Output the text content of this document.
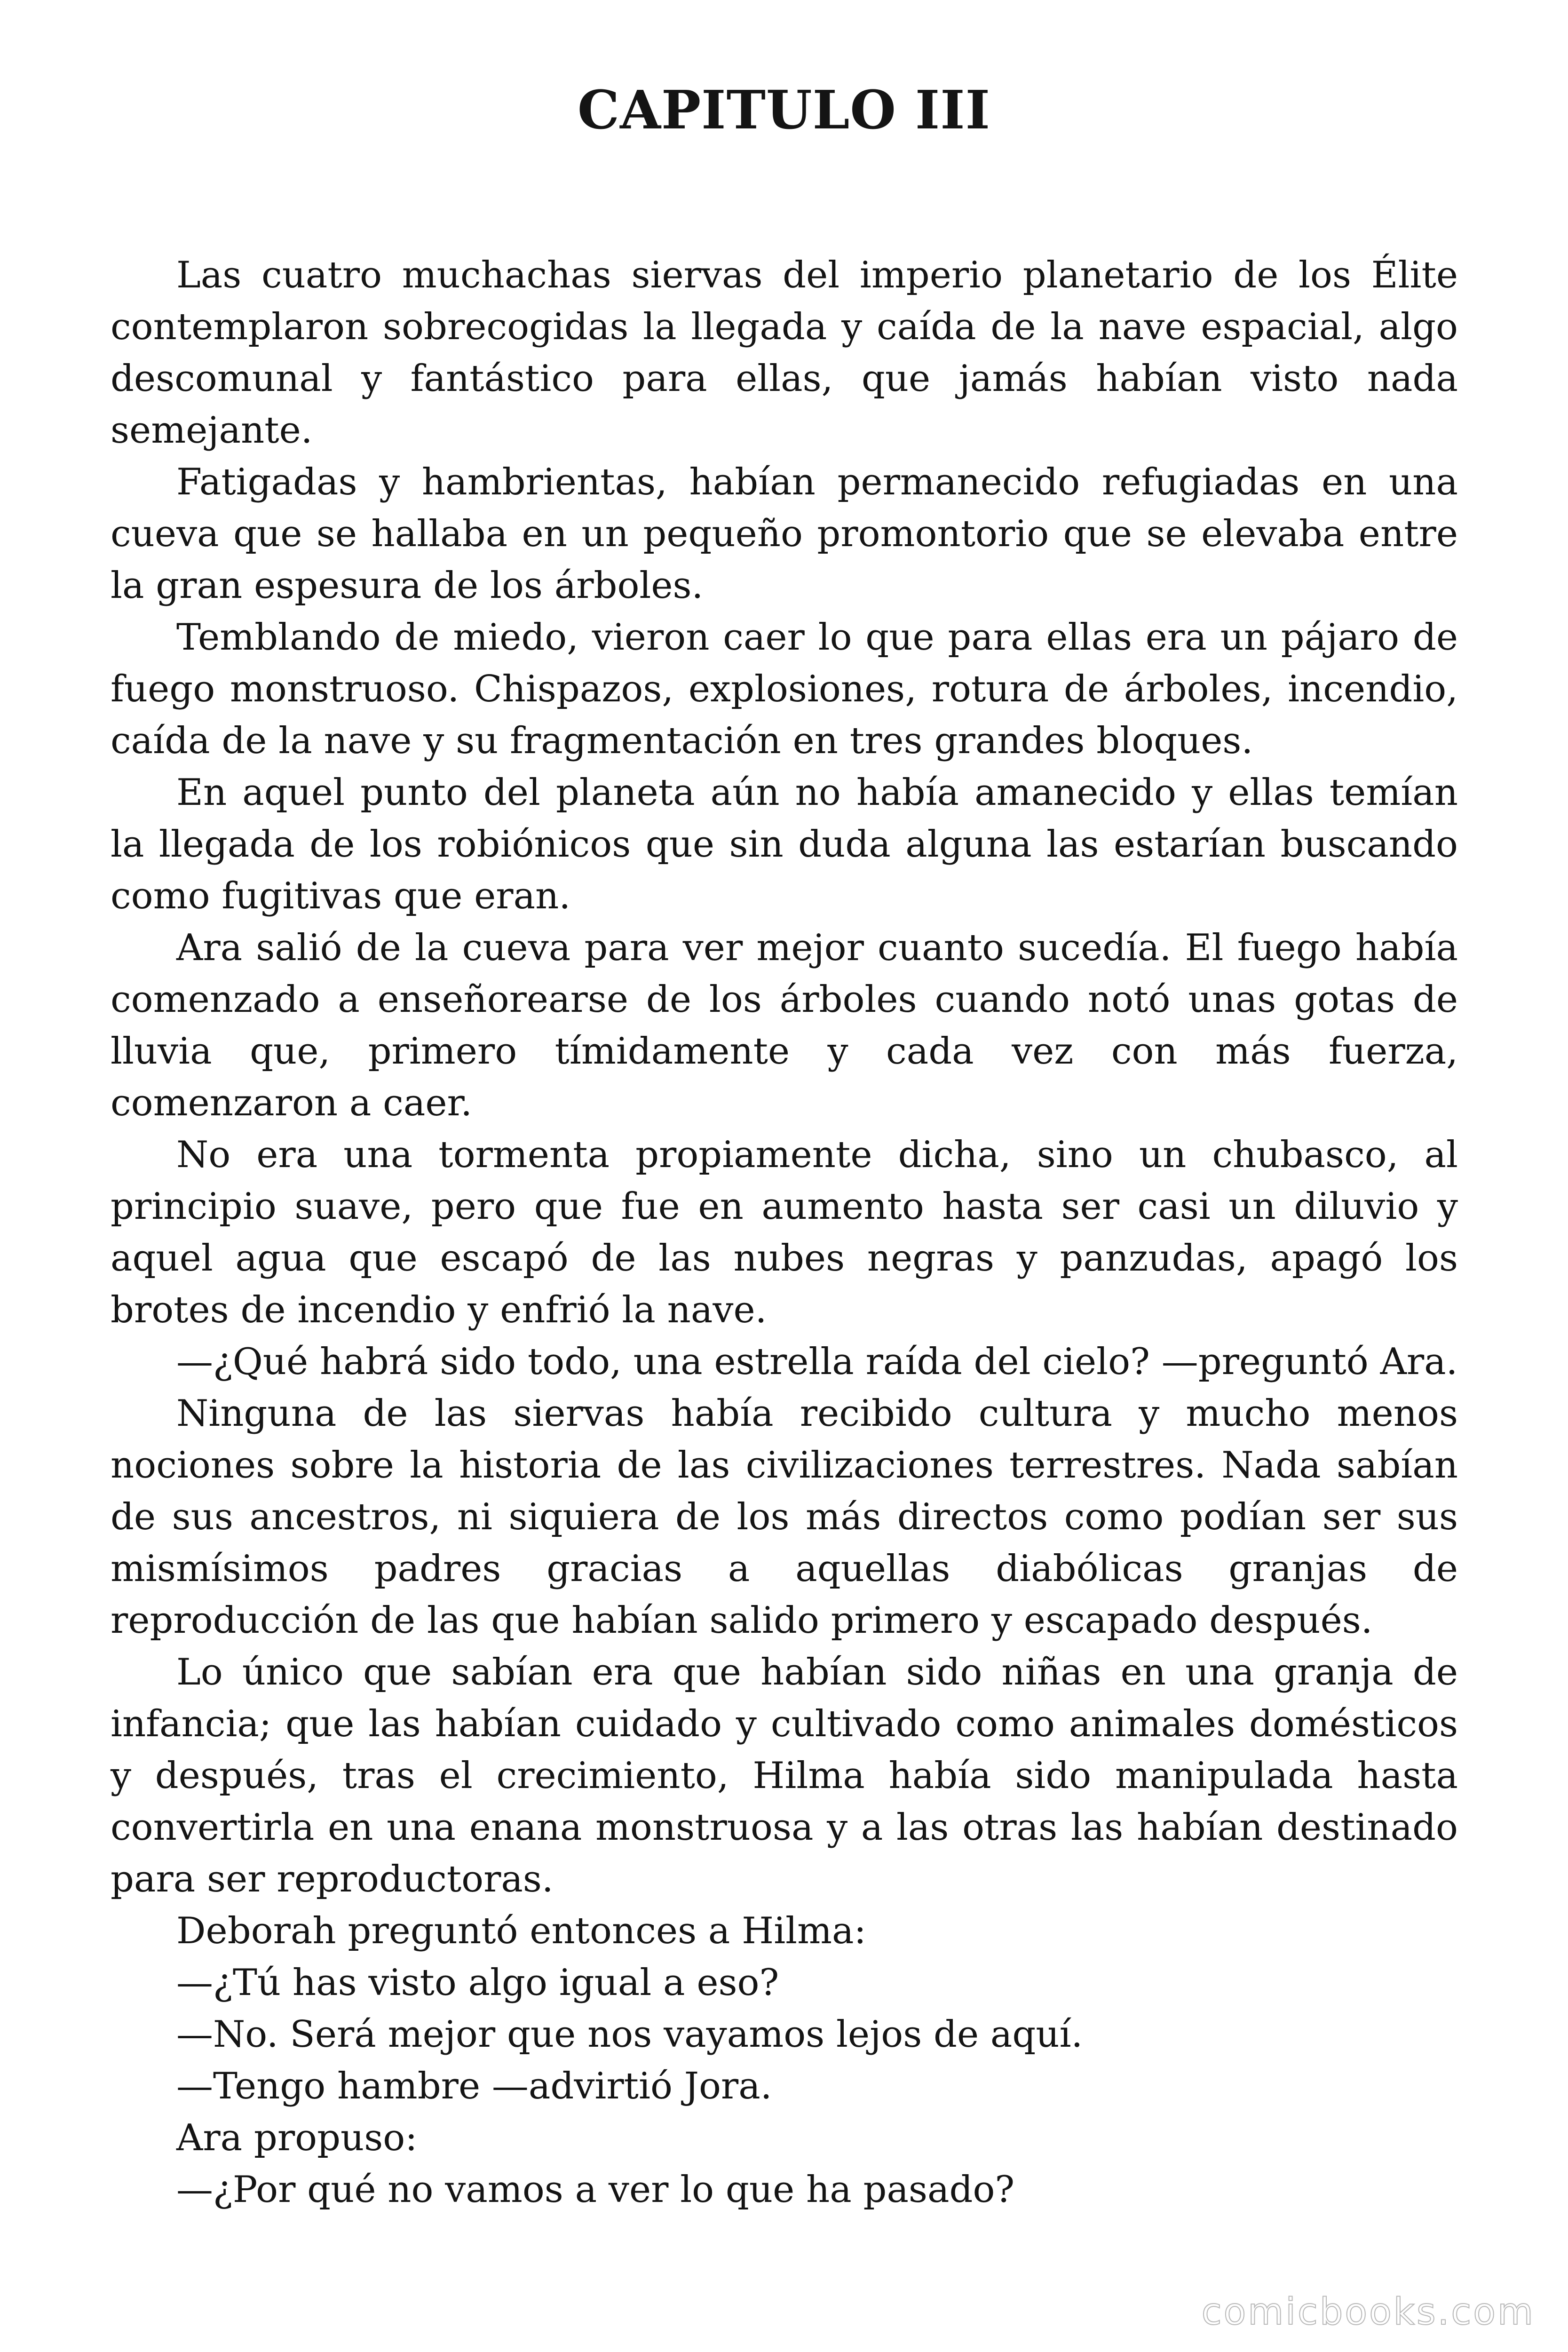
CAPITULO III

Las cuatro muchachas siervas del imperio planetario de los Élite contemplaron sobrecogidas la llegada y caída de la nave espacial, algo descomunal y fantástico para ellas, que jamás habían visto nada semejante.

Fatigadas y hambrientas, habían permanecido refugiadas en una cueva que se hallaba en un pequeño promontorio que se elevaba entre la gran espesura de los árboles.

Temblando de miedo, vieron caer lo que para ellas era un pájaro de fuego monstruoso. Chispazos, explosiones, rotura de árboles, incendio, caída de la nave y su fragmentación en tres grandes bloques.

En aquel punto del planeta aún no había amanecido y ellas temían la llegada de los robiónicos que sin duda alguna las estarían buscando como fugitivas que eran.

Ara salió de la cueva para ver mejor cuanto sucedía. El fuego había comenzado a enseñorearse de los árboles cuando notó unas gotas de lluvia que, primero tímidamente y cada vez con más fuerza, comenzaron a caer.

No era una tormenta propiamente dicha, sino un chubasco, al principio suave, pero que fue en aumento hasta ser casi un diluvio y aquel agua que escapó de las nubes negras y panzudas, apagó los brotes de incendio y enfrió la nave.

—¿Qué habrá sido todo, una estrella raída del cielo? —preguntó Ara.

Ninguna de las siervas había recibido cultura y mucho menos nociones sobre la historia de las civilizaciones terrestres. Nada sabían de sus ancestros, ni siquiera de los más directos como podían ser sus mismísimos padres gracias a aquellas diabólicas granjas de reproducción de las que habían salido primero y escapado después.

Lo único que sabían era que habían sido niñas en una granja de infancia; que las habían cuidado y cultivado como animales domésticos y después, tras el crecimiento, Hilma había sido manipulada hasta convertirla en una enana monstruosa y a las otras las habían destinado para ser reproductoras.

Deborah preguntó entonces a Hilma:

—¿Tú has visto algo igual a eso?

—No. Será mejor que nos vayamos lejos de aquí.

—Tengo hambre —advirtió Jora.

Ara propuso:

—¿Por qué no vamos a ver lo que ha pasado?

comicbooks.com
